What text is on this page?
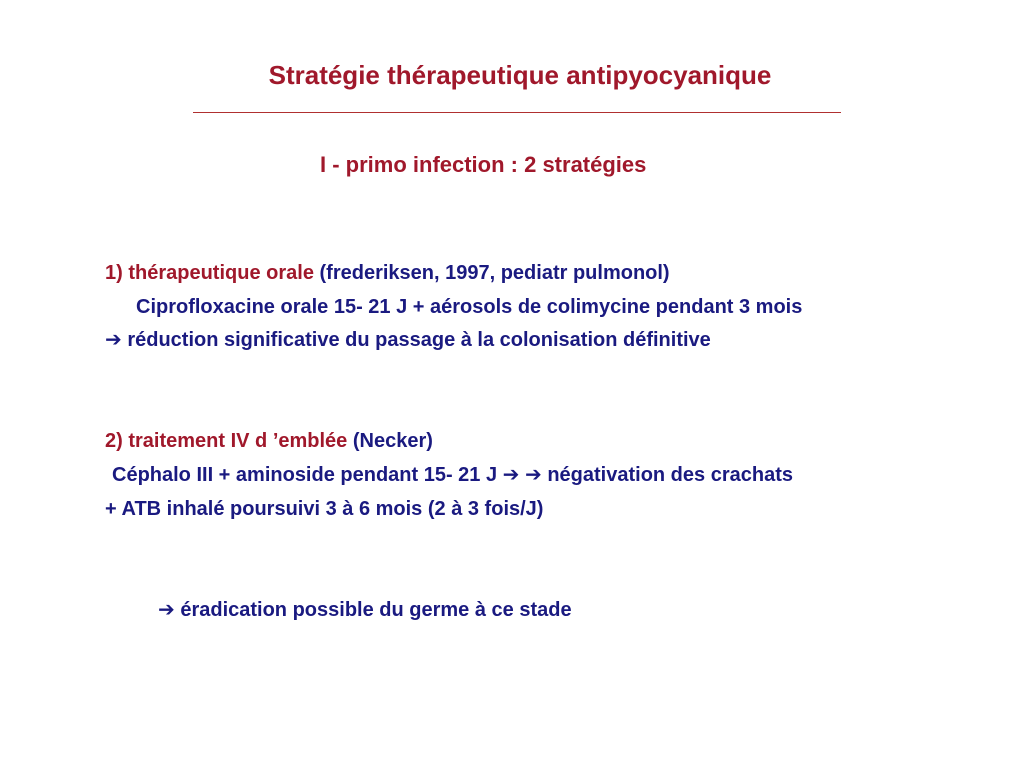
Stratégie thérapeutique antipyocyanique
I - primo infection : 2 stratégies
1) thérapeutique orale (frederiksen, 1997, pediatr pulmonol)
Ciprofloxacine orale 15- 21 J + aérosols de colimycine pendant 3 mois
➔ réduction significative du passage à la colonisation définitive
2) traitement IV d ’emblée (Necker)
Céphalo III + aminoside pendant 15- 21 J ➔ ➔ négativation des crachats
+ ATB inhalé poursuivi 3 à 6 mois (2 à 3 fois/J)
➔ éradication possible du germe à ce stade
